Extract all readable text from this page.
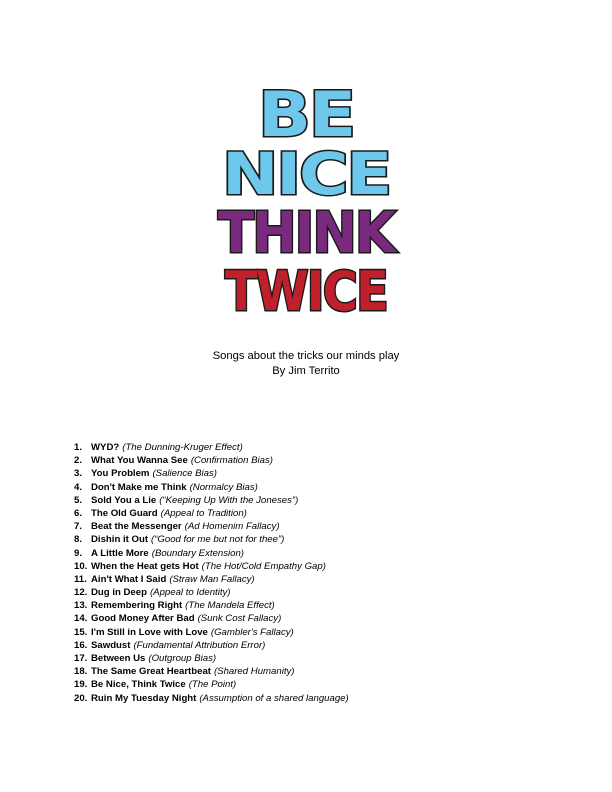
BE
NICE
THINK
TWICE
Songs about the tricks our minds play
By Jim Territo
1. WYD? (The Dunning-Kruger Effect)
2. What You Wanna See (Confirmation Bias)
3. You Problem (Salience Bias)
4. Don't Make me Think (Normalcy Bias)
5. Sold You a Lie (“Keeping Up With the Joneses”)
6. The Old Guard (Appeal to Tradition)
7. Beat the Messenger (Ad Homenim Fallacy)
8. Dishin it Out (“Good for me but not for thee”)
9. A Little More (Boundary Extension)
10. When the Heat gets Hot (The Hot/Cold Empathy Gap)
11. Ain't What I Said (Straw Man Fallacy)
12. Dug in Deep (Appeal to Identity)
13. Remembering Right (The Mandela Effect)
14. Good Money After Bad (Sunk Cost Fallacy)
15. I'm Still in Love with Love (Gambler's Fallacy)
16. Sawdust (Fundamental Attribution Error)
17. Between Us (Outgroup Bias)
18. The Same Great Heartbeat (Shared Humanity)
19. Be Nice, Think Twice (The Point)
20. Ruin My Tuesday Night (Assumption of a shared language)
